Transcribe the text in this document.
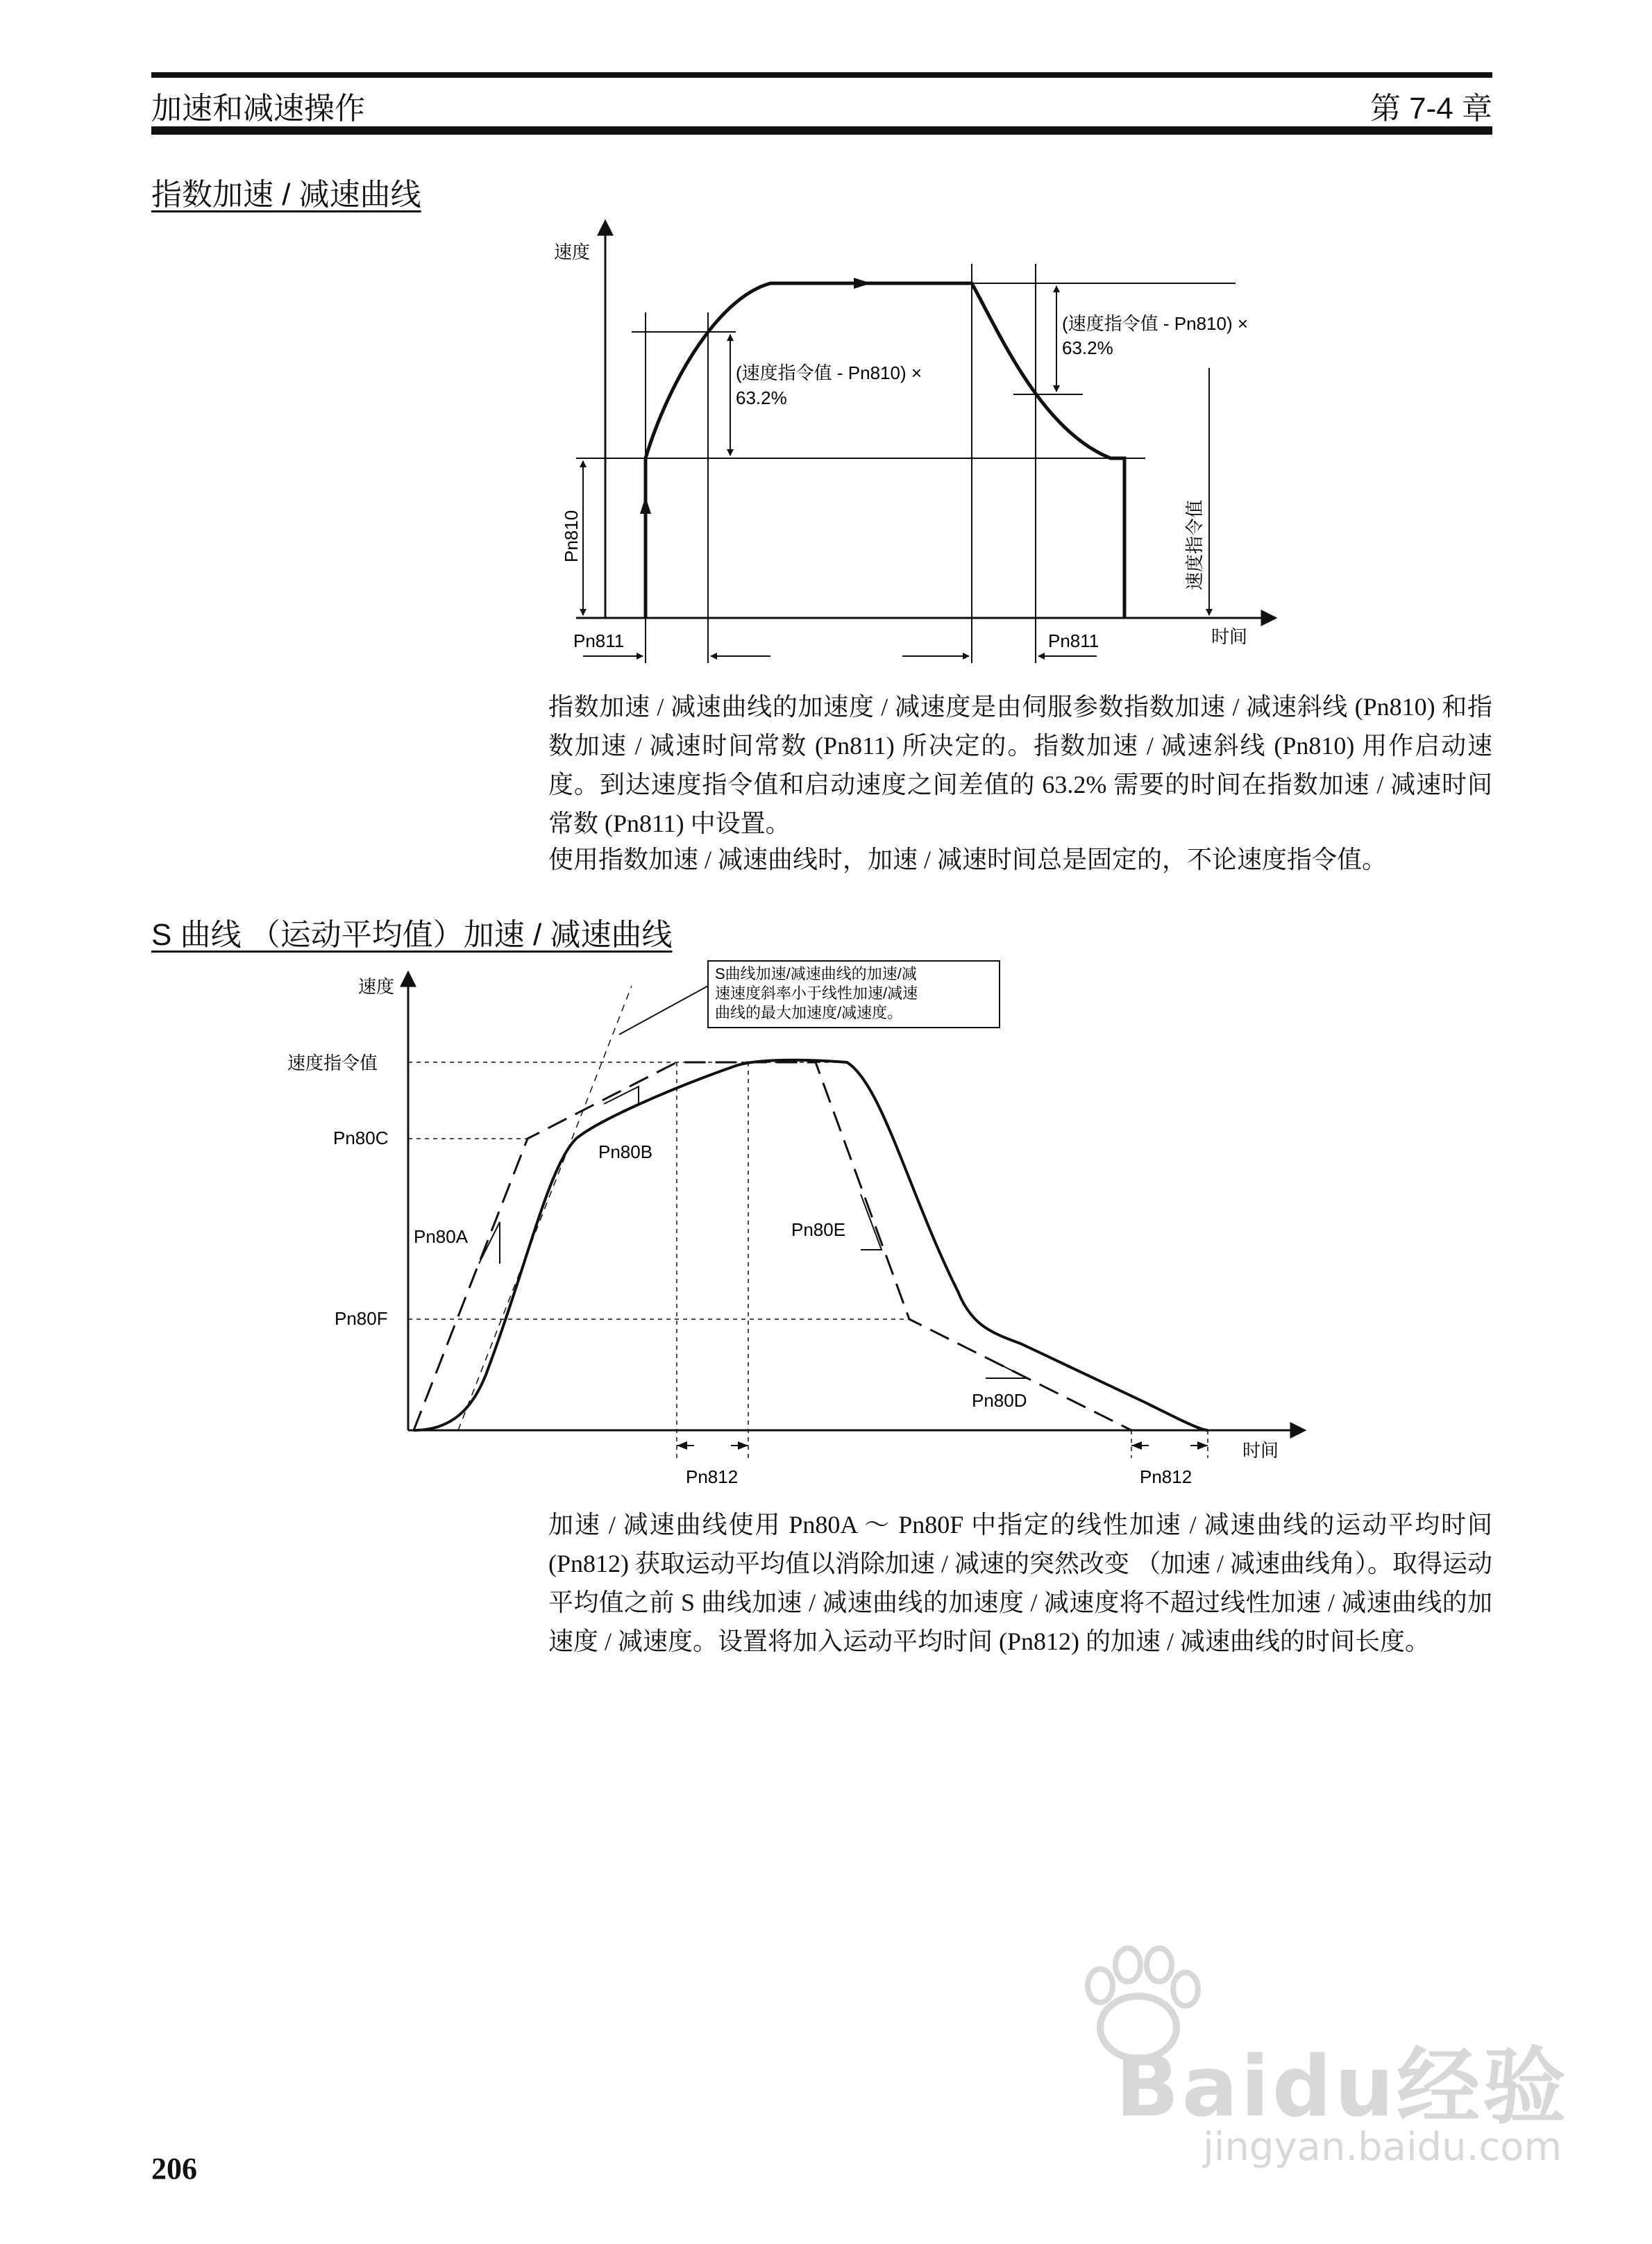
加速和减速操作	第 7-4 章
指数加速 / 减速曲线
速度
时间
(速度指令值 - Pn810) ×
63.2%
(速度指令值 - Pn810) ×
63.2%
Pn810	速度指令值
Pn811	Pn811
指数加速 / 减速曲线的加速度 / 减速度是由伺服参数指数加速 / 减速斜线 (Pn810) 和指数加速 / 减速时间常数 (Pn811) 所决定的。指数加速 / 减速斜线 (Pn810) 用作启动速度。到达速度指令值和启动速度之间差值的 63.2% 需要的时间在指数加速 / 减速时间常数 (Pn811) 中设置。
使用指数加速 / 减速曲线时，加速 / 减速时间总是固定的，不论速度指令值。
S 曲线 （运动平均值）加速 / 减速曲线
S曲线加速/减速曲线的加速/减
速速度斜率小于线性加速/减速
曲线的最大加速度/减速度。
速度
时间
速度指令值
Pn80C
Pn80F
Pn80A
Pn80B
Pn80E
Pn80D
Pn812	Pn812
加速 / 减速曲线使用 Pn80A ～ Pn80F 中指定的线性加速 / 减速曲线的运动平均时间 (Pn812) 获取运动平均值以消除加速 / 减速的突然改变 （加速 / 减速曲线角）。取得运动平均值之前 S 曲线加速 / 减速曲线的加速度 / 减速度将不超过线性加速 / 减速曲线的加速度 / 减速度。设置将加入运动平均时间 (Pn812) 的加速 / 减速曲线的时间长度。
206
Baidu经验
jingyan.baidu.com
